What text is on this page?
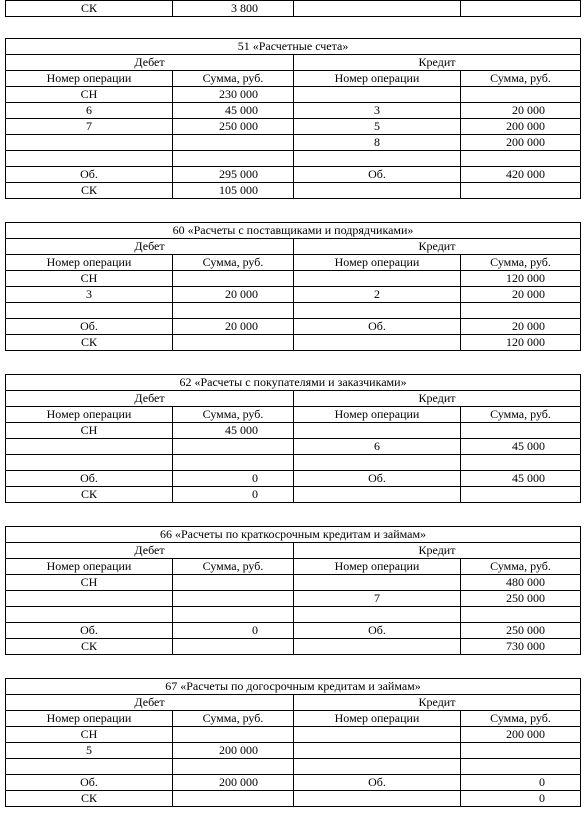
СК	3 800		
51 «Расчетные счета»			
Дебет		Кредит	
Номер операции	Сумма, руб.	Номер операции	Сумма, руб.
СН	230 000		
6	45 000	3	20 000
7	250 000	5	200 000
		8	200 000

Об.	295 000	Об.	420 000
СК	105 000		
60 «Расчеты с поставщиками и подрядчиками»			
Дебет		Кредит	
Номер операции	Сумма, руб.	Номер операции	Сумма, руб.
СН			120 000
3	20 000	2	20 000

Об.	20 000	Об.	20 000
СК			120 000
62 «Расчеты с покупателями и заказчиками»			
Дебет		Кредит	
Номер операции	Сумма, руб.	Номер операции	Сумма, руб.
СН	45 000		
		6	45 000

Об.	0	Об.	45 000
СК	0		
66 «Расчеты по краткосрочным кредитам и займам»			
Дебет		Кредит	
Номер операции	Сумма, руб.	Номер операции	Сумма, руб.
СН			480 000
		7	250 000

Об.	0	Об.	250 000
СК			730 000
67 «Расчеты по догосрочным кредитам и займам»			
Дебет		Кредит	
Номер операции	Сумма, руб.	Номер операции	Сумма, руб.
СН			200 000
5	200 000		

Об.	200 000	Об.	0
СК			0
